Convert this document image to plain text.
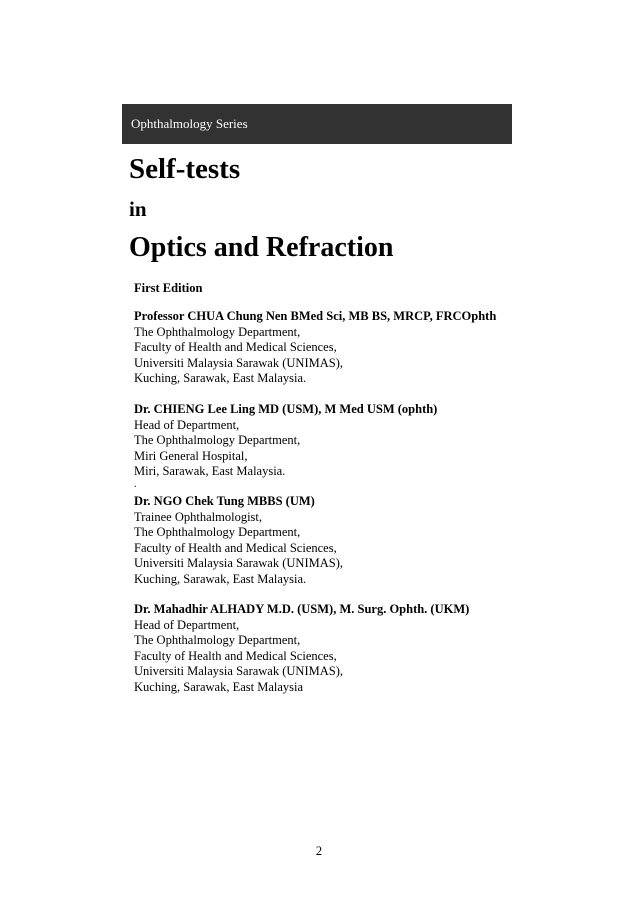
Ophthalmology Series
Self-tests
in
Optics and Refraction
First Edition
Professor CHUA Chung Nen BMed Sci, MB BS, MRCP, FRCOphth
The Ophthalmology Department,
Faculty of Health and Medical Sciences,
Universiti Malaysia Sarawak (UNIMAS),
Kuching, Sarawak, East Malaysia.
Dr. CHIENG Lee Ling MD (USM), M Med USM (ophth)
Head of Department,
The Ophthalmology Department,
Miri General Hospital,
Miri, Sarawak, East Malaysia.
.
Dr. NGO Chek Tung MBBS (UM)
Trainee Ophthalmologist,
The Ophthalmology Department,
Faculty of Health and Medical Sciences,
Universiti Malaysia Sarawak (UNIMAS),
Kuching, Sarawak, East Malaysia.
Dr. Mahadhir ALHADY M.D. (USM), M. Surg. Ophth. (UKM)
Head of Department,
The Ophthalmology Department,
Faculty of Health and Medical Sciences,
Universiti Malaysia Sarawak (UNIMAS),
Kuching, Sarawak, East Malaysia
2
